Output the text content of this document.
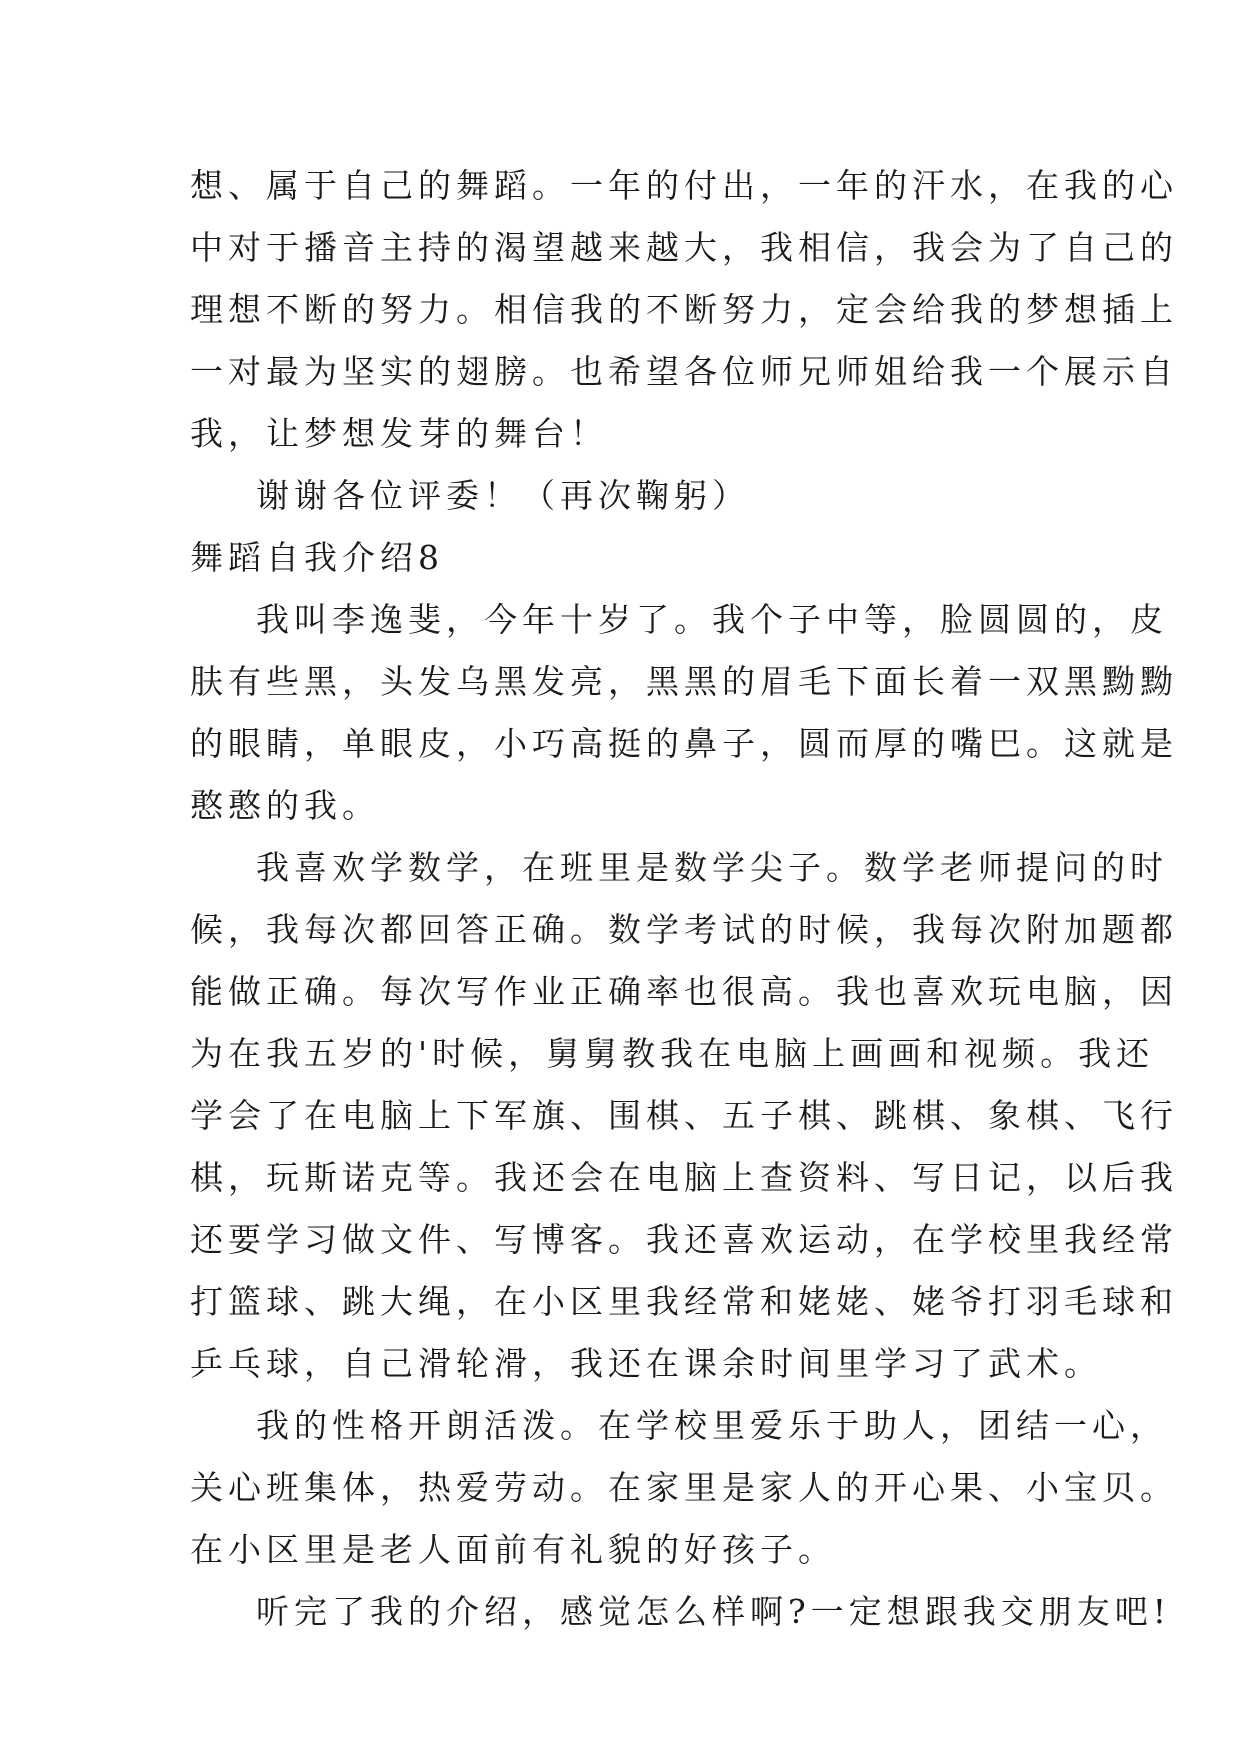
想、属于自己的舞蹈。一年的付出，一年的汗水，在我的心
中对于播音主持的渴望越来越大，我相信，我会为了自己的
理想不断的努力。相信我的不断努力，定会给我的梦想插上
一对最为坚实的翅膀。也希望各位师兄师姐给我一个展示自
我，让梦想发芽的舞台！
谢谢各位评委！（再次鞠躬）
舞蹈自我介绍8
我叫李逸斐，今年十岁了。我个子中等，脸圆圆的，皮
肤有些黑，头发乌黑发亮，黑黑的眉毛下面长着一双黑黝黝
的眼睛，单眼皮，小巧高挺的鼻子，圆而厚的嘴巴。这就是
憨憨的我。
我喜欢学数学，在班里是数学尖子。数学老师提问的时
候，我每次都回答正确。数学考试的时候，我每次附加题都
能做正确。每次写作业正确率也很高。我也喜欢玩电脑，因
为在我五岁的'时候，舅舅教我在电脑上画画和视频。我还
学会了在电脑上下军旗、围棋、五子棋、跳棋、象棋、飞行
棋，玩斯诺克等。我还会在电脑上查资料、写日记，以后我
还要学习做文件、写博客。我还喜欢运动，在学校里我经常
打篮球、跳大绳，在小区里我经常和姥姥、姥爷打羽毛球和
乒乓球，自己滑轮滑，我还在课余时间里学习了武术。
我的性格开朗活泼。在学校里爱乐于助人，团结一心，
关心班集体，热爱劳动。在家里是家人的开心果、小宝贝。
在小区里是老人面前有礼貌的好孩子。
听完了我的介绍，感觉怎么样啊?一定想跟我交朋友吧!
